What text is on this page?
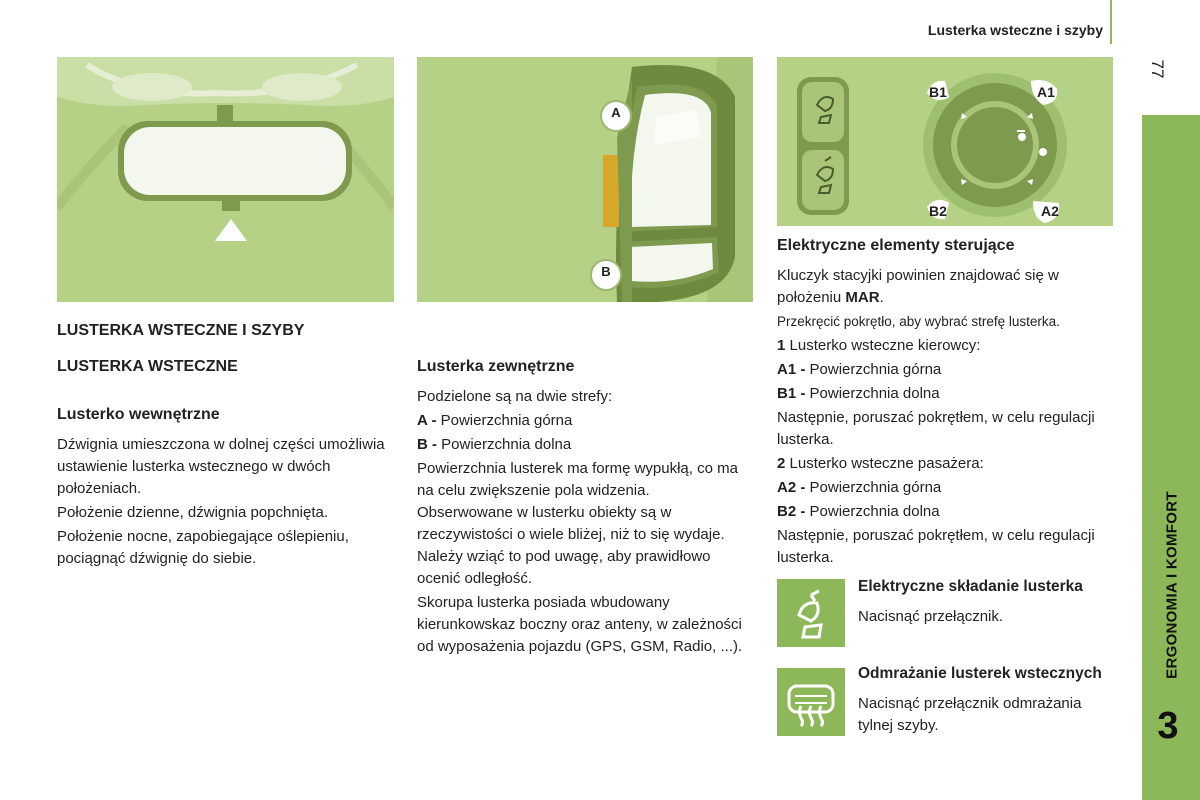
Lusterka wsteczne i szyby
77
ERGONOMIA I KOMFORT
3
A
B
B1	A1
B2	A2
LUSTERKA WSTECZNE I SZYBY
LUSTERKA WSTECZNE
Lusterko wewnętrzne

Dźwignia umieszczona w dolnej części umożliwia ustawienie lusterka wstecznego w dwóch położeniach.

Położenie dzienne, dźwignia popchnięta.

Położenie nocne, zapobiegające oślepieniu, pociągnąć dźwignię do siebie.

Lusterka zewnętrzne

Podzielone są na dwie strefy:

A - Powierzchnia górna

B - Powierzchnia dolna

Powierzchnia lusterek ma formę wypukłą, co ma na celu zwiększenie pola widzenia. Obserwowane w lusterku obiekty są w rzeczywistości o wiele bliżej, niż to się wydaje. Należy wziąć to pod uwagę, aby prawidłowo ocenić odległość.

Skorupa lusterka posiada wbudowany kierunkowskaz boczny oraz anteny, w zależności od wyposażenia pojazdu (GPS, GSM, Radio, ...).

Elektryczne elementy sterujące

Kluczyk stacyjki powinien znajdować się w położeniu MAR.

Przekręcić pokrętło, aby wybrać strefę lusterka.

1 Lusterko wsteczne kierowcy:

A1 - Powierzchnia górna

B1 - Powierzchnia dolna

Następnie, poruszać pokrętłem, w celu regulacji lusterka.

2 Lusterko wsteczne pasażera:

A2 - Powierzchnia górna

B2 - Powierzchnia dolna

Następnie, poruszać pokrętłem, w celu regulacji lusterka.

Elektryczne składanie lusterka

Nacisnąć przełącznik.

Odmrażanie lusterek wstecznych

Nacisnąć przełącznik odmrażania tylnej szyby.
